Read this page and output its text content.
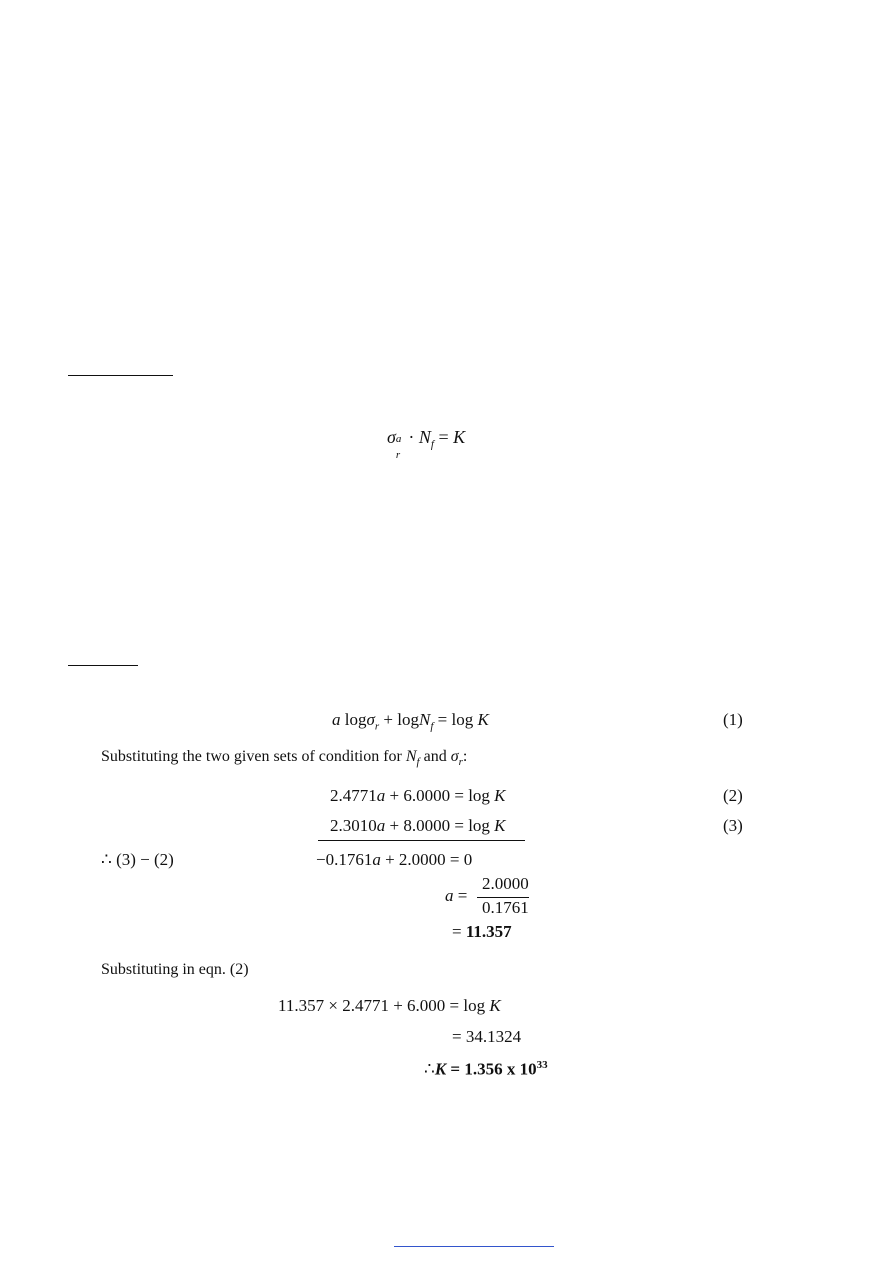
σ a
r
· $N_f = K$
a logσ$_r$ + logN$_f$ = log K	(1)
Substituting the two given sets of condition for $N_f$ and $\sigma_r$:
2.4771a + 6.0000 = log K	(2)
2.3010a + 8.0000 = log K	(3)
∴ (3) − (2)	−0.1761a + 2.0000 = 0
a =
2.0000
0.1761
= 11.357
Substituting in eqn. (2)
11.357 × 2.4771 + 6.000 = log K
= 34.1324
∴K = 1.356 x $10^{33}$
